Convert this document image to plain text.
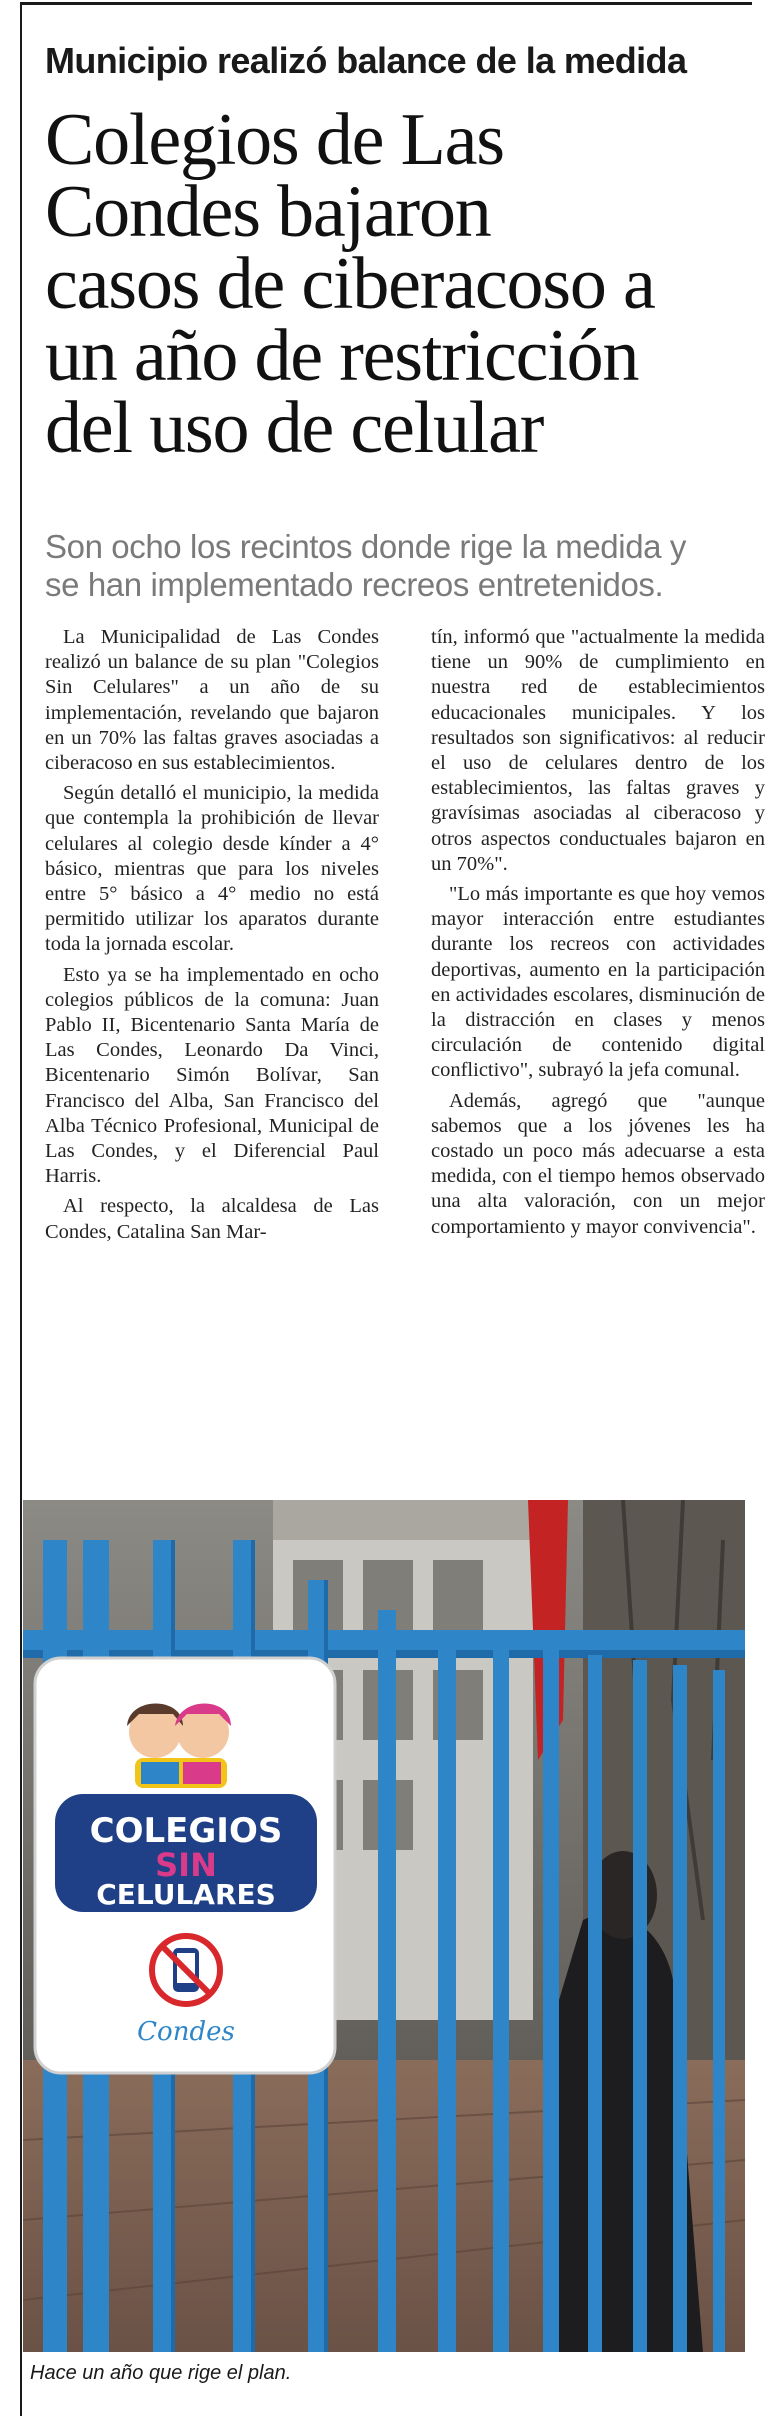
Municipio realizó balance de la medida
Colegios de Las
Condes bajaron
casos de ciberacoso a
un año de restricción
del uso de celular
Son ocho los recintos donde rige la medida y
se han implementado recreos entretenidos.

La Municipalidad de Las Condes realizó un balance de su plan "Colegios Sin Celulares" a un año de su implementación, revelando que bajaron en un 70% las faltas graves asociadas a ciberacoso en sus establecimientos.

Según detalló el municipio, la medida que contempla la prohibición de llevar celulares al colegio desde kínder a 4° básico, mientras que para los niveles entre 5° básico a 4° medio no está permitido utilizar los aparatos durante toda la jornada escolar.

Esto ya se ha implementado en ocho colegios públicos de la comuna: Juan Pablo II, Bicentenario Santa María de Las Condes, Leonardo Da Vinci, Bicentenario Simón Bolívar, San Francisco del Alba, San Francisco del Alba Técnico Profesional, Municipal de Las Condes, y el Diferencial Paul Harris.

Al respecto, la alcaldesa de Las Condes, Catalina San Mar-

tín, informó que "actualmente la medida tiene un 90% de cumplimiento en nuestra red de establecimientos educacionales municipales. Y los resultados son significativos: al reducir el uso de celulares dentro de los establecimientos, las faltas graves y gravísimas asociadas al ciberacoso y otros aspectos conductuales bajaron en un 70%".

"Lo más importante es que hoy vemos mayor interacción entre estudiantes durante los recreos con actividades deportivas, aumento en la participación en actividades escolares, disminución de la distracción en clases y menos circulación de contenido digital conflictivo", subrayó la jefa comunal.

Además, agregó que "aunque sabemos que a los jóvenes les ha costado un poco más adecuarse a esta medida, con el tiempo hemos observado una alta valoración, con un mejor comportamiento y mayor convivencia".

COLEGIOS
SIN
CELULARES
Condes
Hace un año que rige el plan.
